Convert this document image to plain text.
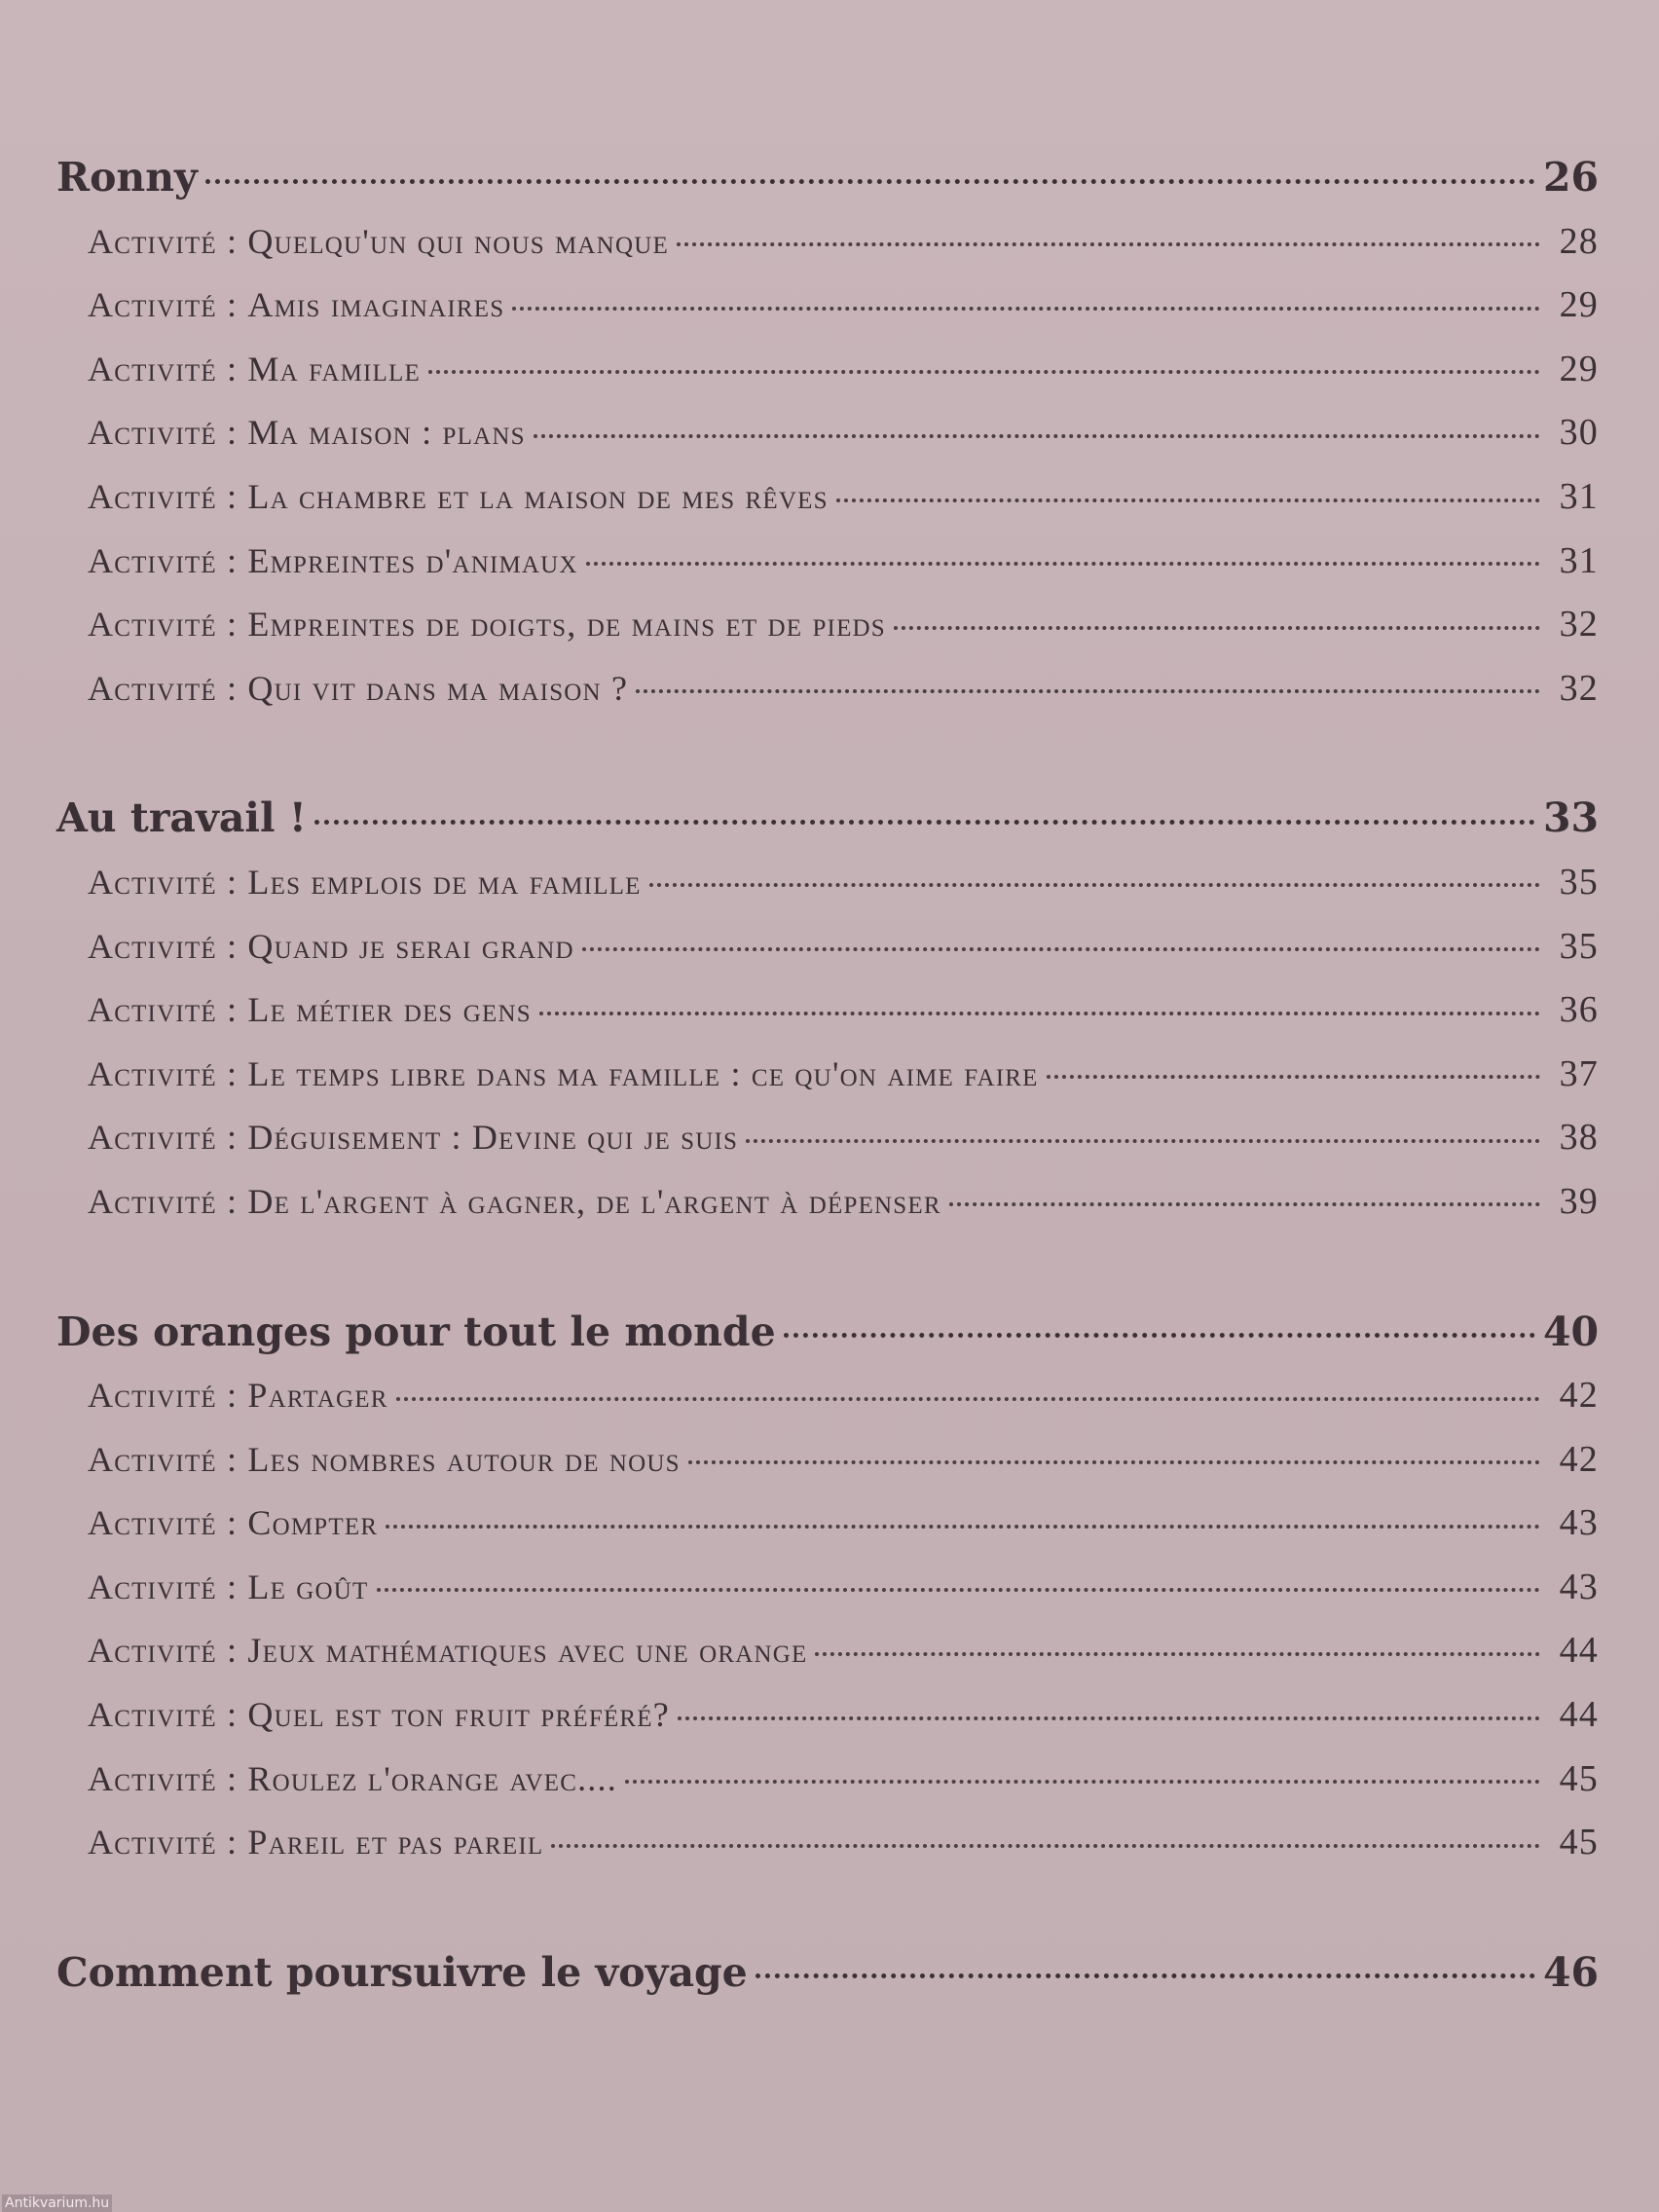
Ronny	26
Activité : Quelqu'un qui nous manque	28
Activité : Amis imaginaires	29
Activité : Ma famille	29
Activité : Ma maison : plans	30
Activité : La chambre et la maison de mes rêves	31
Activité : Empreintes d'animaux	31
Activité : Empreintes de doigts, de mains et de pieds	32
Activité : Qui vit dans ma maison ?	32
Au travail !	33
Activité : Les emplois de ma famille	35
Activité : Quand je serai grand	35
Activité : Le métier des gens	36
Activité : Le temps libre dans ma famille : ce qu'on aime faire	37
Activité : Déguisement : Devine qui je suis	38
Activité : De l'argent à gagner, de l'argent à dépenser	39
Des oranges pour tout le monde	40
Activité : Partager	42
Activité : Les nombres autour de nous	42
Activité : Compter	43
Activité : Le goût	43
Activité : Jeux mathématiques avec une orange	44
Activité : Quel est ton fruit préféré?	44
Activité : Roulez l'orange avec....	45
Activité : Pareil et pas pareil	45
Comment poursuivre le voyage	46
Antikvarium.hu
